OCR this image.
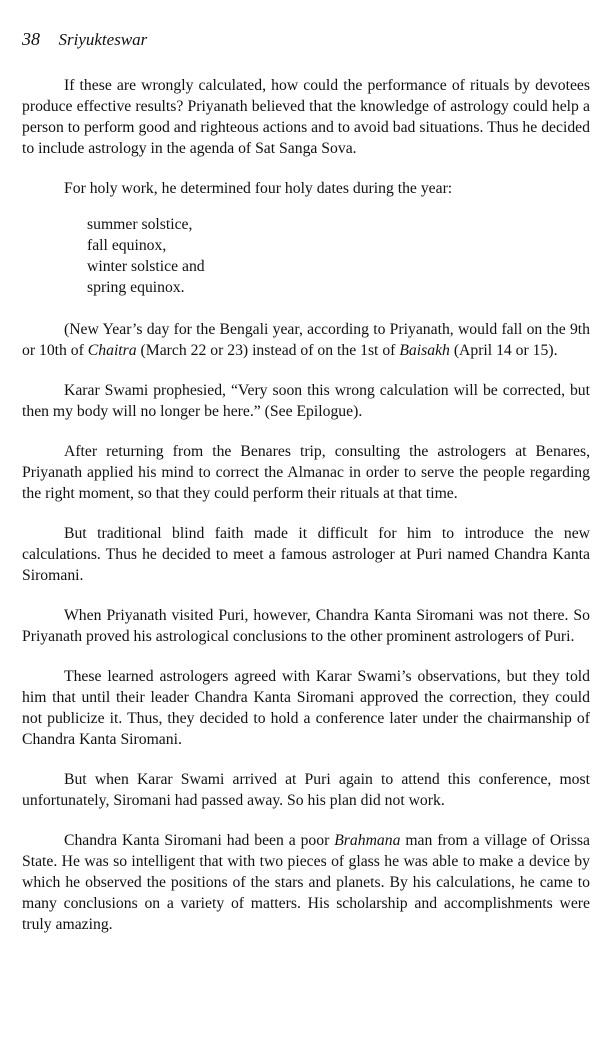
38 Sriyukteswar

If these are wrongly calculated, how could the performance of rituals by devotees produce effective results? Priyanath believed that the knowledge of astrology could help a person to perform good and righteous actions and to avoid bad situations. Thus he decided to include astrology in the agenda of Sat Sanga Sova.

For holy work, he determined four holy dates during the year:

summer solstice,
fall equinox,
winter solstice and
spring equinox.

(New Year’s day for the Bengali year, according to Priyanath, would fall on the 9th or 10th of Chaitra (March 22 or 23) instead of on the 1st of Baisakh (April 14 or 15).

Karar Swami prophesied, “Very soon this wrong calculation will be corrected, but then my body will no longer be here.” (See Epilogue).

After returning from the Benares trip, consulting the astrologers at Benares, Priyanath applied his mind to correct the Almanac in order to serve the people regarding the right moment, so that they could perform their rituals at that time.

But traditional blind faith made it difficult for him to introduce the new calculations. Thus he decided to meet a famous astrologer at Puri named Chandra Kanta Siromani.

When Priyanath visited Puri, however, Chandra Kanta Siromani was not there. So Priyanath proved his astrological conclusions to the other prominent astrologers of Puri.

These learned astrologers agreed with Karar Swami’s observations, but they told him that until their leader Chandra Kanta Siromani approved the correction, they could not publicize it. Thus, they decided to hold a conference later under the chairmanship of Chandra Kanta Siromani.

But when Karar Swami arrived at Puri again to attend this conference, most unfortunately, Siromani had passed away. So his plan did not work.

Chandra Kanta Siromani had been a poor Brahmana man from a village of Orissa State. He was so intelligent that with two pieces of glass he was able to make a device by which he observed the positions of the stars and planets. By his calculations, he came to many conclusions on a variety of matters. His scholarship and accomplishments were truly amazing.
